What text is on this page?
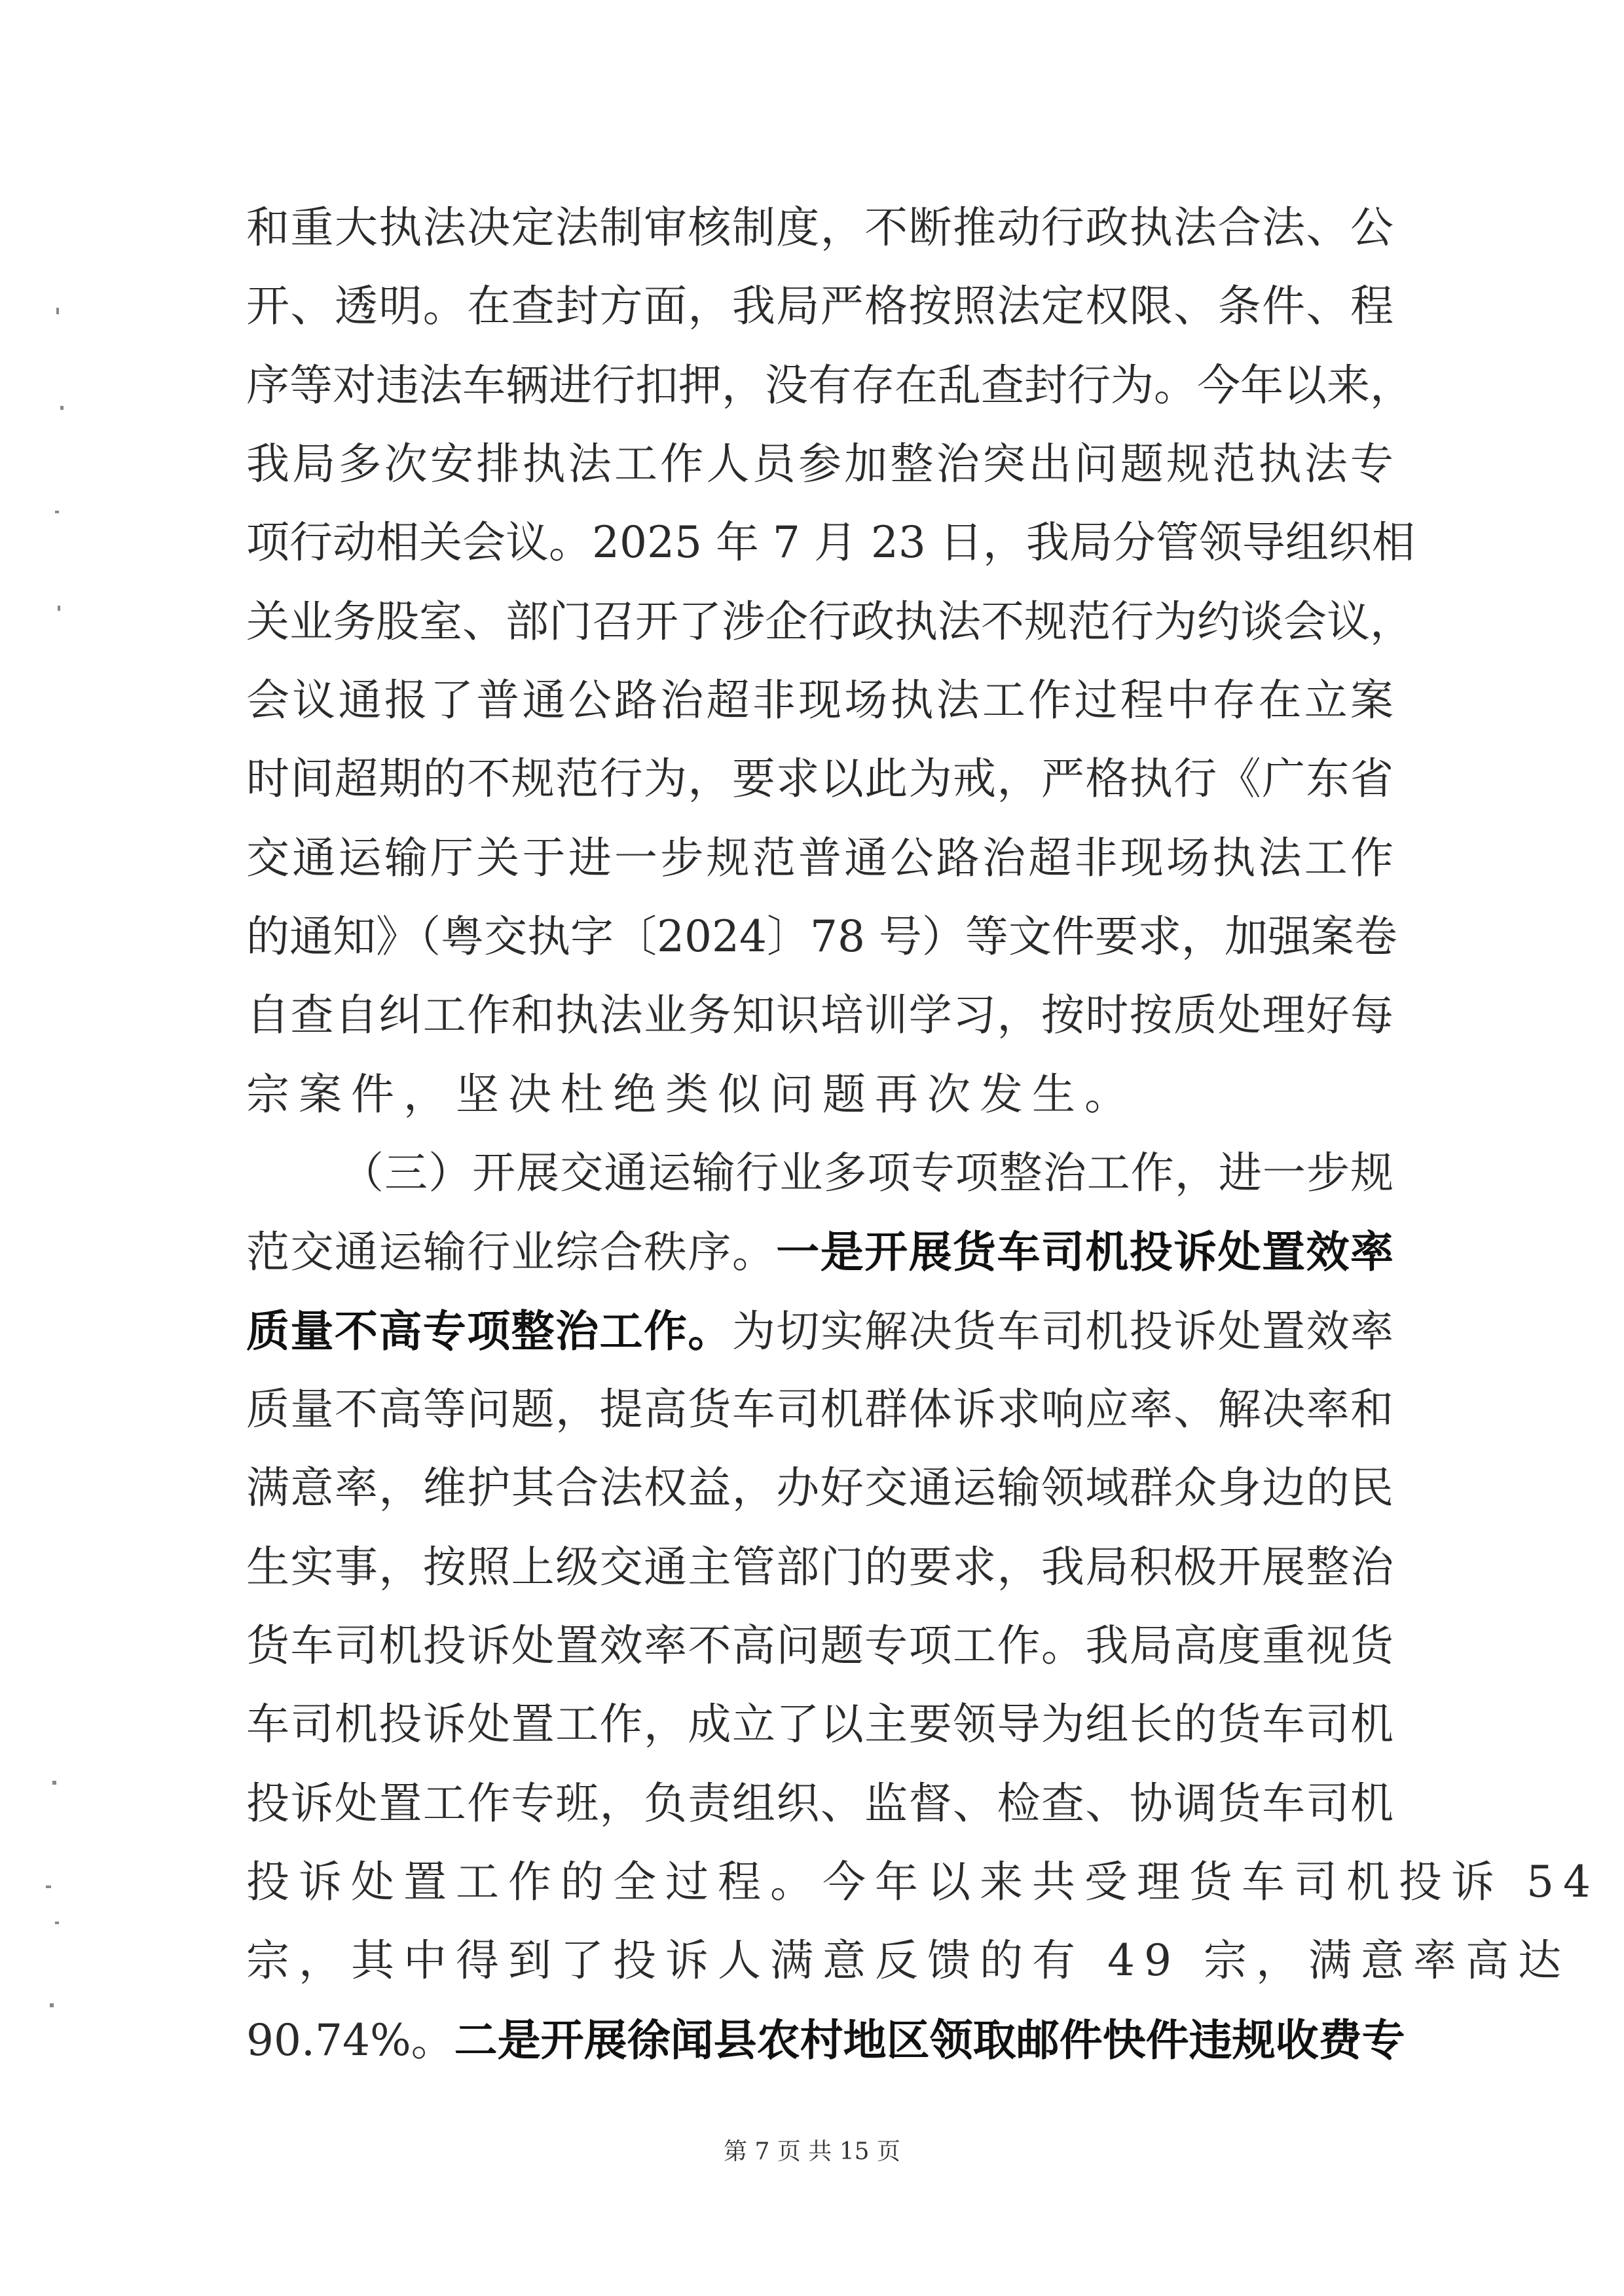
和重大执法决定法制审核制度，不断推动行政执法合法、公
开、透明。在查封方面，我局严格按照法定权限、条件、程
序等对违法车辆进行扣押，没有存在乱查封行为。今年以来，
我局多次安排执法工作人员参加整治突出问题规范执法专
项行动相关会议。2025 年 7 月 23 日，我局分管领导组织相
关业务股室、部门召开了涉企行政执法不规范行为约谈会议，
会议通报了普通公路治超非现场执法工作过程中存在立案
时间超期的不规范行为，要求以此为戒，严格执行《广东省
交通运输厅关于进一步规范普通公路治超非现场执法工作
的通知》（粤交执字〔2024〕78 号）等文件要求，加强案卷
自查自纠工作和执法业务知识培训学习，按时按质处理好每
宗案件，坚决杜绝类似问题再次发生。
（三）开展交通运输行业多项专项整治工作，进一步规
范交通运输行业综合秩序。一是开展货车司机投诉处置效率
质量不高专项整治工作。为切实解决货车司机投诉处置效率
质量不高等问题，提高货车司机群体诉求响应率、解决率和
满意率，维护其合法权益，办好交通运输领域群众身边的民
生实事，按照上级交通主管部门的要求，我局积极开展整治
货车司机投诉处置效率不高问题专项工作。我局高度重视货
车司机投诉处置工作，成立了以主要领导为组长的货车司机
投诉处置工作专班，负责组织、监督、检查、协调货车司机
投诉处置工作的全过程。今年以来共受理货车司机投诉 54
宗，其中得到了投诉人满意反馈的有 49 宗，满意率高达
90.74%。二是开展徐闻县农村地区领取邮件快件违规收费专
第 7 页 共 15 页
